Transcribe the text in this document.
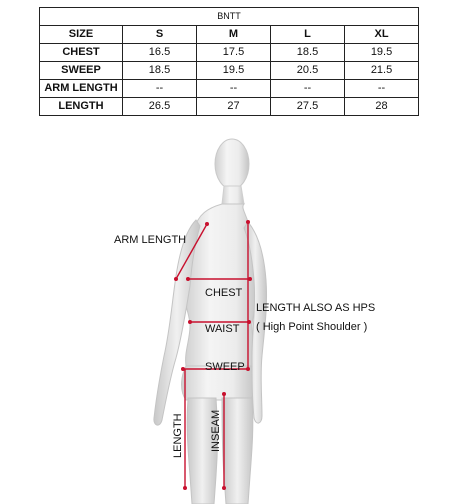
BNTT				
SIZE	S	M	L	XL
CHEST	16.5	17.5	18.5	19.5
SWEEP	18.5	19.5	20.5	21.5
ARM LENGTH	--	--	--	--
LENGTH	26.5	27	27.5	28
ARM LENGTH
CHEST
WAIST
LENGTH ALSO AS HPS
( High Point Shoulder )
SWEEP
LENGTH INSEAM
